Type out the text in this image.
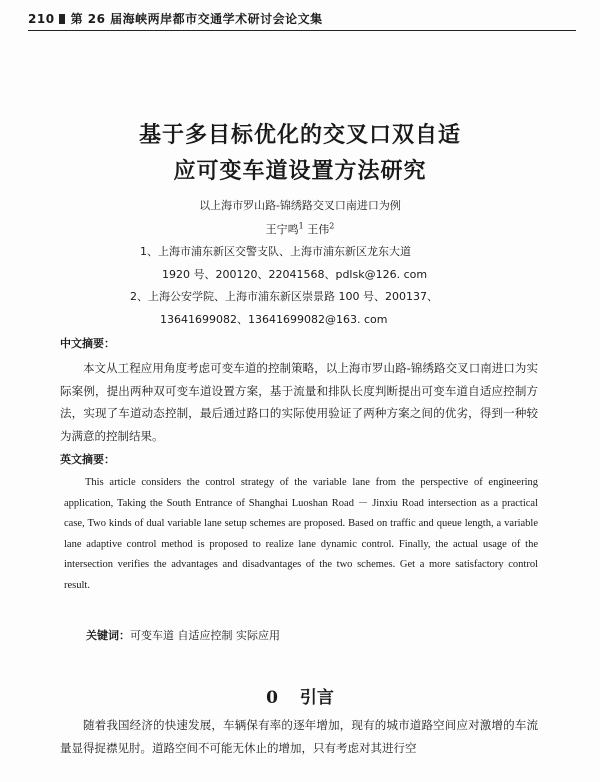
210 第 26 届海峡两岸都市交通学术研讨会论文集
基于多目标优化的交叉口双自适
应可变车道设置方法研究
以上海市罗山路-锦绣路交叉口南进口为例
王宁鸣$^1$ 王伟$^2$
1、上海市浦东新区交警支队、上海市浦东新区龙东大道
1920 号、200120、22041568、pdlsk@126. com
2、上海公安学院、上海市浦东新区崇景路 100 号、200137、
13641699082、13641699082@163. com
中文摘要：
本文从工程应用角度考虑可变车道的控制策略，以上海市罗山路-锦绣路交叉口南进口为实际案例，提出两种双可变车道设置方案，基于流量和排队长度判断提出可变车道自适应控制方法，实现了车道动态控制，最后通过路口的实际使用验证了两种方案之间的优劣，得到一种较为满意的控制结果。
英文摘要：
This article considers the control strategy of the variable lane from the perspective of engineering application, Taking the South Entrance of Shanghai Luoshan Road － Jinxiu Road intersection as a practical case, Two kinds of dual variable lane setup schemes are proposed. Based on traffic and queue length, a variable lane adaptive control method is proposed to realize lane dynamic control. Finally, the actual usage of the intersection verifies the advantages and disadvantages of the two schemes. Get a more satisfactory control result.
关键词：可变车道 自适应控制 实际应用
0 引言
随着我国经济的快速发展，车辆保有率的逐年增加，现有的城市道路空间应对激增的车流量显得捉襟见肘。道路空间不可能无休止的增加，只有考虑对其进行空
